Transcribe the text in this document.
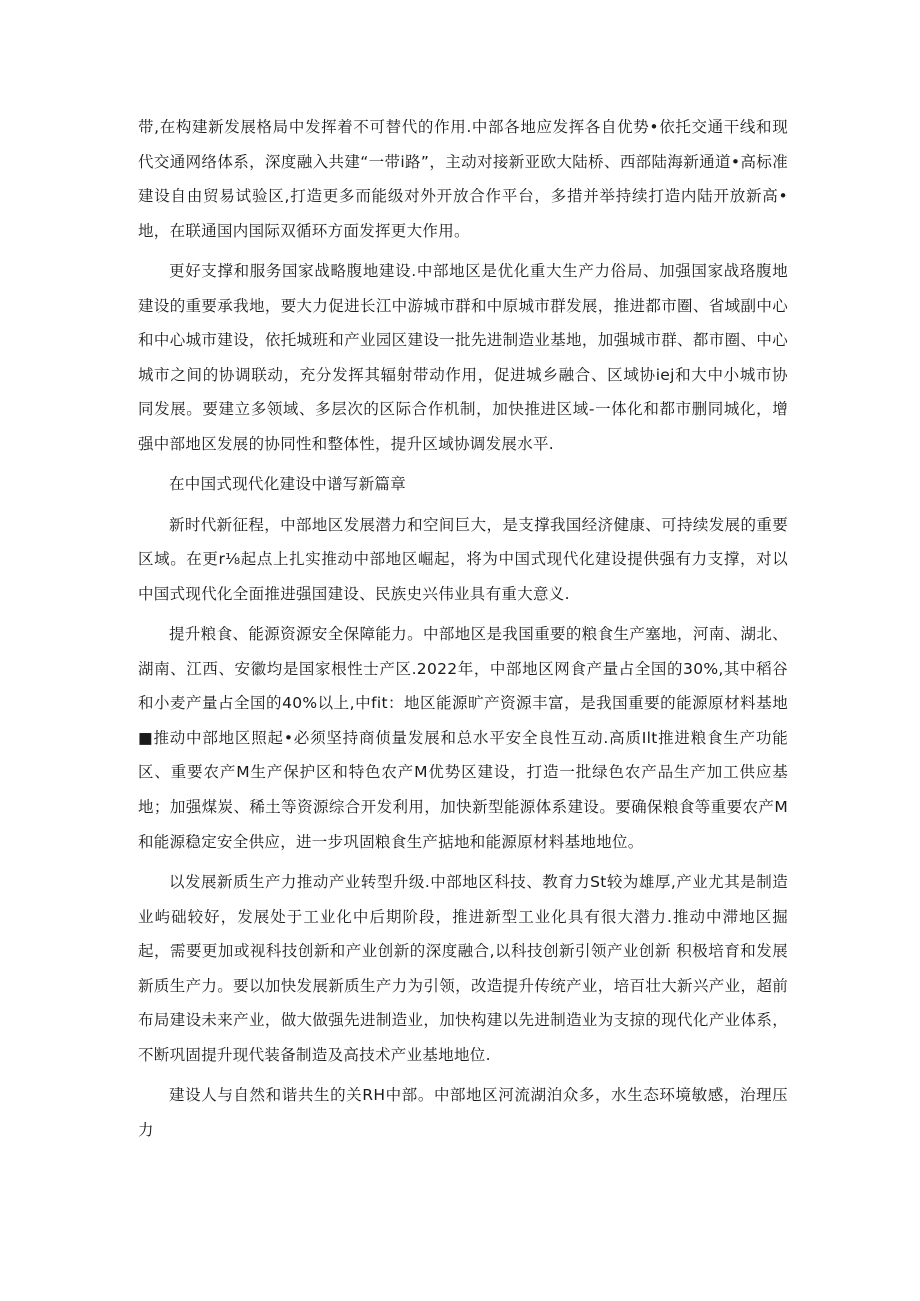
带,在构建新发展格局中发挥着不可替代的作用.中部各地应发挥各自优势•依托交通干线和现代交通网络体系，深度融入共建“一带i路”，主动对接新亚欧大陆桥、西部陆海新通道•高标准建设自由贸易试验区,打造更多而能级对外开放合作平台，多措并举持续打造内陆开放新高•地，在联通国内国际双循环方面发挥更大作用。

更好支撑和服务国家战略腹地建设.中部地区是优化重大生产力俗局、加强国家战珞腹地建设的重要承我地，要大力促进长江中游城市群和中原城市群发展，推进都市圈、省域副中心和中心城市建设，依托城班和产业园区建设一批先进制造业基地，加强城市群、都市圈、中心城市之间的协调联动，充分发挥其辐射带动作用，促进城乡融合、区域协iej和大中小城市协同发展。要建立多领域、多层次的区际合作机制，加快推进区域-一体化和都市删同城化，增强中部地区发展的协同性和整体性，提升区域协调发展水平.

在中国式现代化建设中谱写新篇章

新时代新征程，中部地区发展潜力和空间巨大，是支撑我国经济健康、可持续发展的重要区域。在更r⅛起点上扎实推动中部地区崛起，将为中国式现代化建设提供强有力支撑，对以中国式现代化全面推进强国建设、民族史兴伟业具有重大意义.

提升粮食、能源资源安全保障能力。中部地区是我国重要的粮食生产塞地，河南、湖北、湖南、江西、安徽均是国家根性士产区.2022年，中部地区网食产量占全国的30%,其中稻谷和小麦产量占全国的40%以上,中fit：地区能源旷产资源丰富，是我国重要的能源原材料基地■推动中部地区照起•必须坚持商侦量发展和总水平安全良性互动.高质Ilt推进粮食生产功能区、重要农产M生产保护区和特色农产M优势区建设，打造一批绿色农产品生产加工供应基地；加强煤炭、稀土等资源综合开发利用，加快新型能源体系建设。要确保粮食等重要农产M和能源稳定安全供应，进一步巩固粮食生产掂地和能源原材料基地地位。

以发展新质生产力推动产业转型升级.中部地区科技、教育力St较为雄厚,产业尤其是制造业屿础较好，发展处于工业化中后期阶段，推进新型工业化具有很大潜力.推动中滞地区掘起，需要更加或视科技创新和产业创新的深度融合,以科技创新引领产业创新 积极培育和发展新质生产力。要以加快发展新质生产力为引领，改造提升传统产业，培百壮大新兴产业，超前布局建设未来产业，做大做强先进制造业，加快构建以先进制造业为支掠的现代化产业体系，不断巩固提升现代装备制造及高技术产业基地地位.

建设人与自然和谐共生的关RH中部。中部地区河流湖泊众多，水生态环境敏感，治理压力
